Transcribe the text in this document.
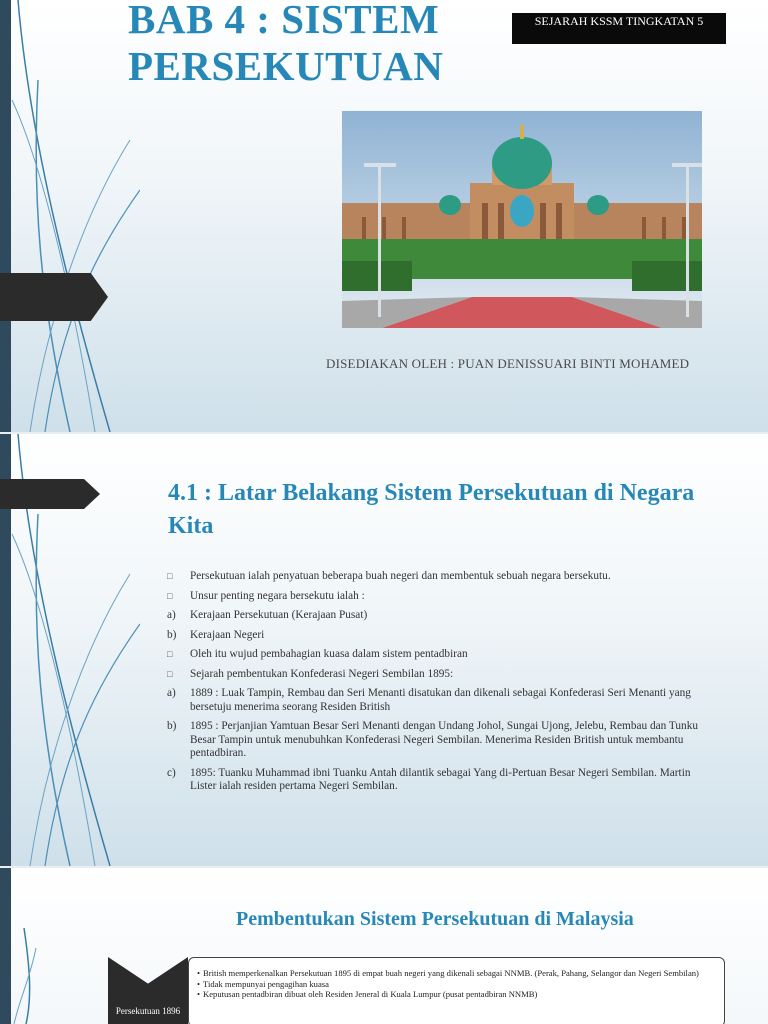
BAB 4 : SISTEM PERSEKUTUAN
SEJARAH KSSM TINGKATAN 5
DISEDIAKAN OLEH : PUAN DENISSUARI BINTI MOHAMED
4.1 : Latar Belakang Sistem Persekutuan di Negara Kita
□	Persekutuan ialah penyatuan beberapa buah negeri dan membentuk sebuah negara bersekutu.
□	Unsur penting negara bersekutu ialah :
a)	Kerajaan Persekutuan (Kerajaan Pusat)
b)	Kerajaan Negeri
□	Oleh itu wujud pembahagian kuasa dalam sistem pentadbiran
□	Sejarah pembentukan Konfederasi Negeri Sembilan 1895:
a)	1889 : Luak Tampin, Rembau dan Seri Menanti disatukan dan dikenali sebagai Konfederasi Seri Menanti yang bersetuju menerima seorang Residen British
b)	1895 : Perjanjian Yamtuan Besar Seri Menanti dengan Undang Johol, Sungai Ujong, Jelebu, Rembau dan Tunku Besar Tampin untuk menubuhkan Konfederasi Negeri Sembilan. Menerima Residen British untuk membantu pentadbiran.
c)	1895: Tuanku Muhammad ibni Tuanku Antah dilantik sebagai Yang di-Pertuan Besar Negeri Sembilan. Martin Lister ialah residen pertama Negeri Sembilan.
Pembentukan Sistem Persekutuan di Malaysia
Persekutuan 1896
• British memperkenalkan Persekutuan 1895 di empat buah negeri yang dikenali sebagai NNMB. (Perak, Pahang, Selangor dan Negeri Sembilan)
• Tidak mempunyai pengagihan kuasa
• Keputusan pentadbiran dibuat oleh Residen Jeneral di Kuala Lumpur (pusat pentadbiran NNMB)
